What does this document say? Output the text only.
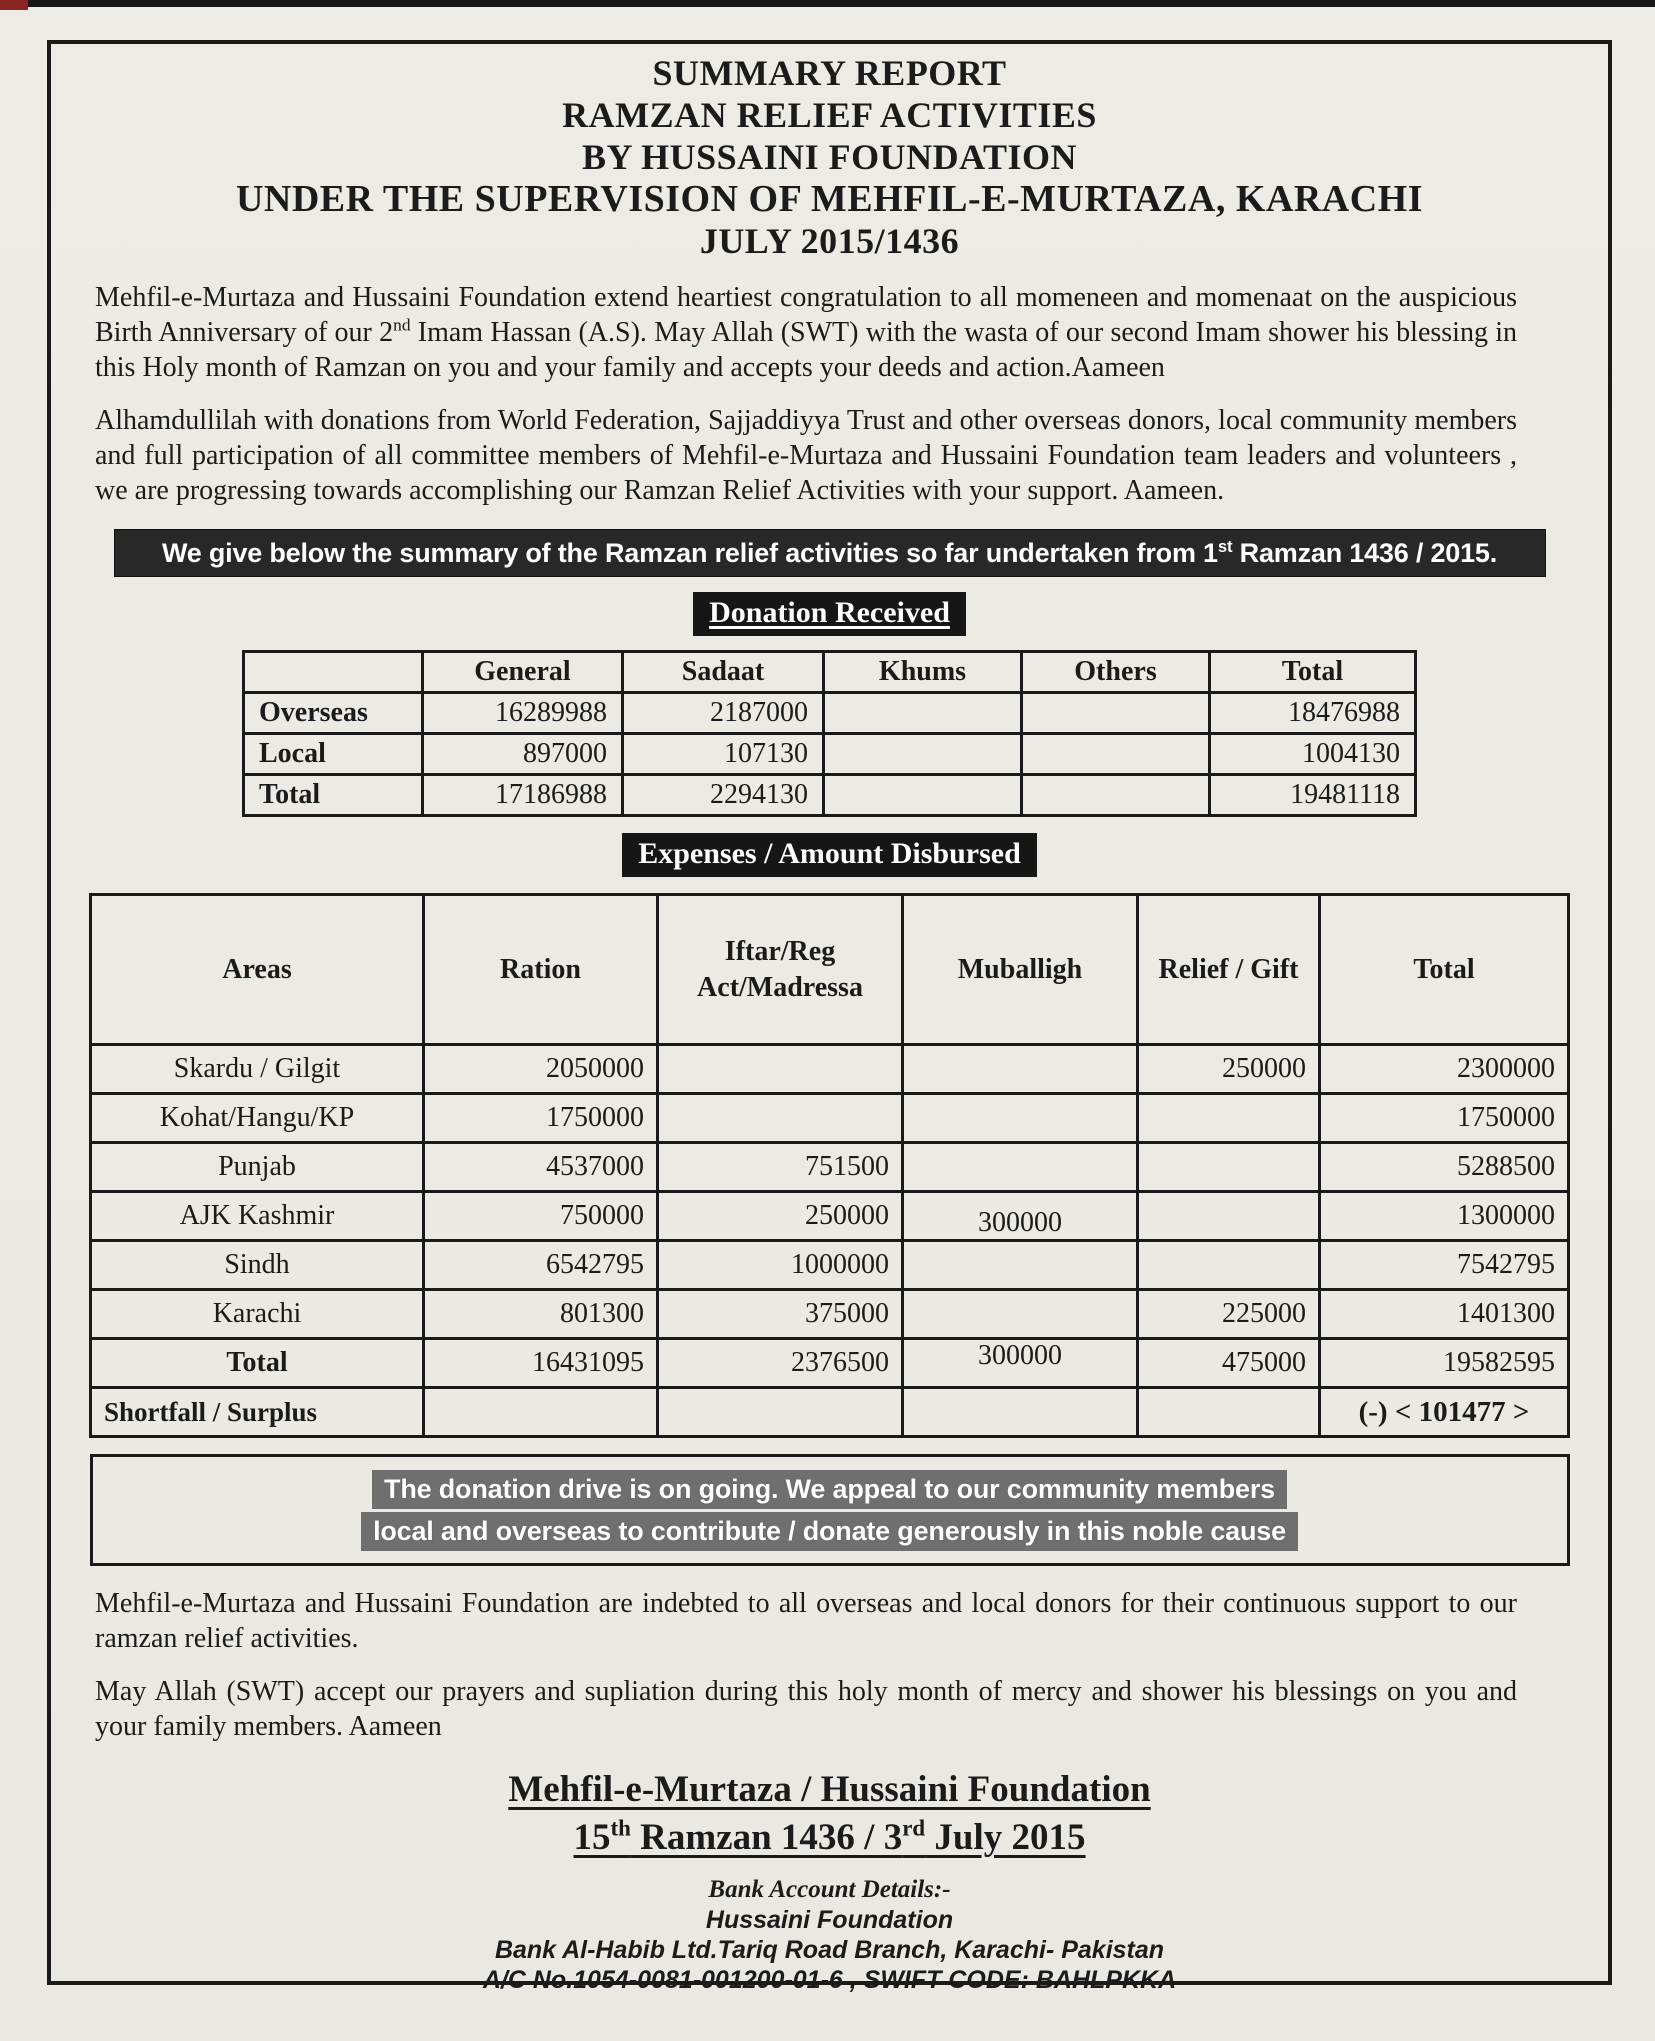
SUMMARY REPORT
RAMZAN RELIEF ACTIVITIES
BY HUSSAINI FOUNDATION
UNDER THE SUPERVISION OF MEHFIL-E-MURTAZA, KARACHI
JULY 2015/1436

Mehfil-e-Murtaza and Hussaini Foundation extend heartiest congratulation to all momeneen and momenaat on the auspicious Birth Anniversary of our 2nd Imam Hassan (A.S). May Allah (SWT) with the wasta of our second Imam shower his blessing in this Holy month of Ramzan on you and your family and accepts your deeds and action.Aameen

Alhamdullilah with donations from World Federation, Sajjaddiyya Trust and other overseas donors, local community members and full participation of all committee members of Mehfil-e-Murtaza and Hussaini Foundation team leaders and volunteers , we are progressing towards accomplishing our Ramzan Relief Activities with your support. Aameen.

We give below the summary of the Ramzan relief activities so far undertaken from 1st Ramzan 1436 / 2015.
Donation Received
	General	Sadaat	Khums	Others	Total
Overseas	16289988	2187000			18476988
Local	897000	107130			1004130
Total	17186988	2294130			19481118
Expenses / Amount Disbursed
Areas	Ration	Iftar/Reg Act/Madressa	Muballigh	Relief / Gift	Total
Skardu / Gilgit	2050000			250000	2300000
Kohat/Hangu/KP	1750000				1750000
Punjab	4537000	751500			5288500
AJK Kashmir	750000	250000	300000		1300000
Sindh	6542795	1000000			7542795
Karachi	801300	375000		225000	1401300
Total	16431095	2376500	300000	475000	19582595
Shortfall / Surplus					(-) < 101477 >
The donation drive is on going. We appeal to our community members
local and overseas to contribute / donate generously in this noble cause

Mehfil-e-Murtaza and Hussaini Foundation are indebted to all overseas and local donors for their continuous support to our ramzan relief activities.

May Allah (SWT) accept our prayers and supliation during this holy month of mercy and shower his blessings on you and your family members. Aameen

Mehfil-e-Murtaza / Hussaini Foundation
15th Ramzan 1436 / 3rd July 2015
Bank Account Details:-
Hussaini Foundation
Bank Al-Habib Ltd.Tariq Road Branch, Karachi- Pakistan
A/C No.1054-0081-001200-01-6 , SWIFT CODE: BAHLPKKA
